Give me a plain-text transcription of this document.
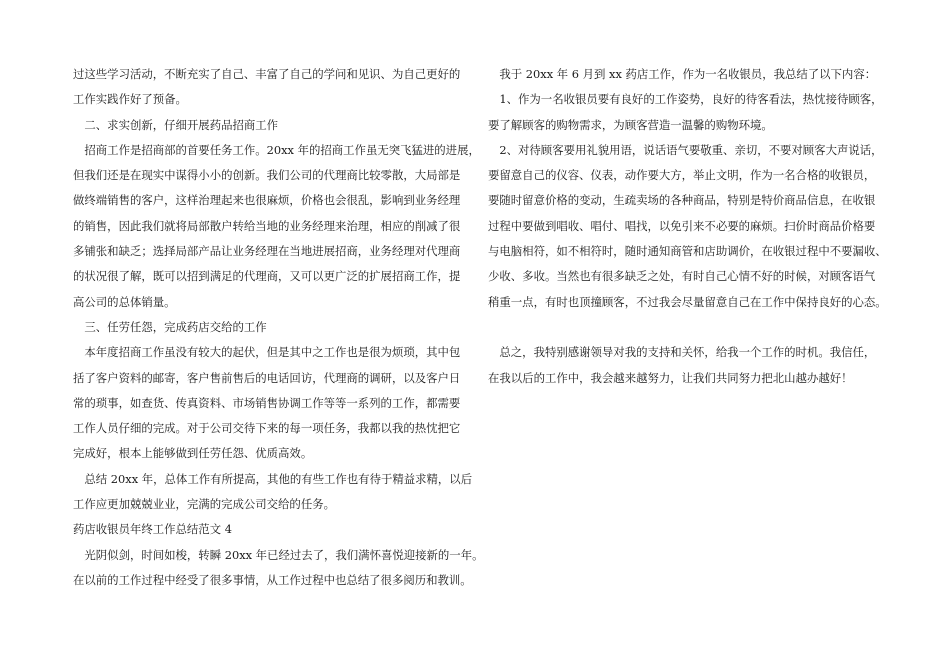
过这些学习活动，不断充实了自己、丰富了自己的学问和见识、为自己更好的
工作实践作好了预备。
　二、求实创新，仔细开展药品招商工作
　招商工作是招商部的首要任务工作。20xx 年的招商工作虽无突飞猛进的进展，
但我们还是在现实中谋得小小的创新。我们公司的代理商比较零散，大局部是
做终端销售的客户，这样治理起来也很麻烦，价格也会很乱，影响到业务经理
的销售，因此我们就将局部散户转给当地的业务经理来治理，相应的削减了很
多铺张和缺乏；选择局部产品让业务经理在当地进展招商，业务经理对代理商
的状况很了解，既可以招到满足的代理商，又可以更广泛的扩展招商工作，提
高公司的总体销量。
　三、任劳任怨，完成药店交给的工作
　本年度招商工作虽没有较大的起伏，但是其中之工作也是很为烦琐，其中包
括了客户资料的邮寄，客户售前售后的电话回访，代理商的调研，以及客户日
常的琐事，如查货、传真资料、市场销售协调工作等等一系列的工作，都需要
工作人员仔细的完成。对于公司交待下来的每一项任务，我都以我的热忱把它
完成好，根本上能够做到任劳任怨、优质高效。
　总结 20xx 年，总体工作有所提高，其他的有些工作也有待于精益求精，以后
工作应更加兢兢业业，完满的完成公司交给的任务。
药店收银员年终工作总结范文 4
　光阴似剑，时间如梭，转瞬 20xx 年已经过去了，我们满怀喜悦迎接新的一年。
在以前的工作过程中经受了很多事情，从工作过程中也总结了很多阅历和教训。
　我于 20xx 年 6 月到 xx 药店工作，作为一名收银员，我总结了以下内容：
　1、作为一名收银员要有良好的工作姿势，良好的待客看法，热忱接待顾客，
要了解顾客的购物需求，为顾客营造一温馨的购物环境。
　2、对待顾客要用礼貌用语，说话语气要敬重、亲切，不要对顾客大声说话，
要留意自己的仪容、仪表，动作要大方，举止文明，作为一名合格的收银员，
要随时留意价格的变动，生疏卖场的各种商品，特别是特价商品信息，在收银
过程中要做到唱收、唱付、唱找，以免引来不必要的麻烦。扫价时商品价格要
与电脑相符，如不相符时，随时通知商管和店助调价，在收银过程中不要漏收、
少收、多收。当然也有很多缺乏之处，有时自己心情不好的时候，对顾客语气
稍重一点，有时也顶撞顾客，不过我会尽量留意自己在工作中保持良好的心态。
　总之，我特别感谢领导对我的支持和关怀，给我一个工作的时机。我信任，
在我以后的工作中，我会越来越努力，让我们共同努力把北山越办越好！
